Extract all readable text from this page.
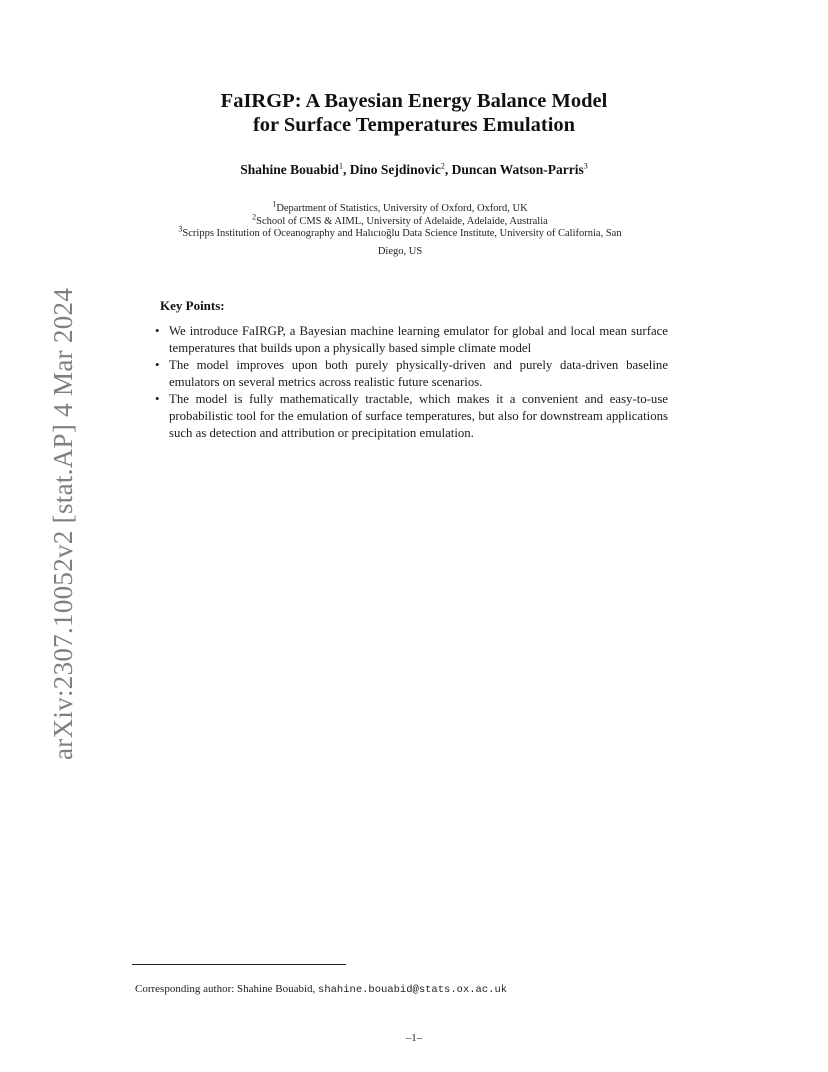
arXiv:2307.10052v2 [stat.AP] 4 Mar 2024
FaIRGP: A Bayesian Energy Balance Model
for Surface Temperatures Emulation
Shahine Bouabid$^1$, Dino Sejdinovic$^2$, Duncan Watson-Parris$^3$
$^1$Department of Statistics, University of Oxford, Oxford, UK
$^2$School of CMS & AIML, University of Adelaide, Adelaide, Australia
$^3$Scripps Institution of Oceanography and Halıcıoğlu Data Science Institute, University of California, San
Diego, US
Key Points:
• We introduce FaIRGP, a Bayesian machine learning emulator for global and local mean surface temperatures that builds upon a physically based simple climate model
• The model improves upon both purely physically-driven and purely data-driven baseline emulators on several metrics across realistic future scenarios.
• The model is fully mathematically tractable, which makes it a convenient and easy-to-use probabilistic tool for the emulation of surface temperatures, but also for downstream applications such as detection and attribution or precipitation emulation.
Corresponding author: Shahine Bouabid, shahine.bouabid@stats.ox.ac.uk
–1–
